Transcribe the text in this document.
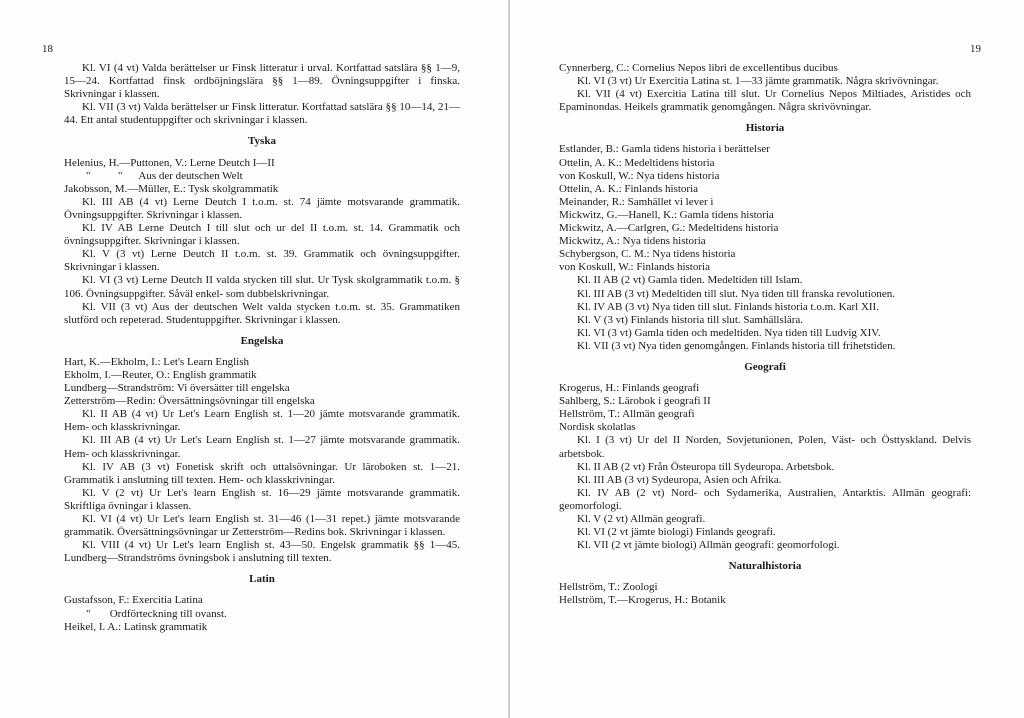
18

Kl. VI (4 vt) Valda berättelser ur Finsk litteratur i urval. Kortfattad satslära §§ 1—9, 15—24. Kortfattad finsk ordböjningslära §§ 1—89. Övningsuppgifter i finska. Skrivningar i klassen.

Kl. VII (3 vt) Valda berättelser ur Finsk litteratur. Kortfattad satslära §§ 10—14, 21—44. Ett antal studentuppgifter och skrivningar i klassen.

Tyska

Helenius, H.—Puttonen, V.: Lerne Deutch I—II

"          "      Aus der deutschen Welt

Jakobsson, M.—Müller, E.: Tysk skolgrammatik

Kl. III AB (4 vt) Lerne Deutch I t.o.m. st. 74 jämte motsvarande grammatik. Övningsuppgifter. Skrivningar i klassen.

Kl. IV AB Lerne Deutch I till slut och ur del II t.o.m. st. 14. Grammatik och övningsuppgifter. Skrivningar i klassen.

Kl. V (3 vt) Lerne Deutch II t.o.m. st. 39. Grammatik och övningsuppgifter. Skrivningar i klassen.

Kl. VI (3 vt) Lerne Deutch II valda stycken till slut. Ur Tysk skolgrammatik t.o.m. § 106. Övningsuppgifter. Såväl enkel- som dubbelskrivningar.

Kl. VII (3 vt) Aus der deutschen Welt valda stycken t.o.m. st. 35. Grammatiken slutförd och repeterad. Studentuppgifter. Skrivningar i klassen.

Engelska

Hart, K.—Ekholm, I.: Let's Learn English

Ekholm, I.—Reuter, O.: English grammatik

Lundberg—Strandström: Vi översätter till engelska

Zetterström—Redin: Översättningsövningar till engelska

Kl. II AB (4 vt) Ur Let's Learn English st. 1—20 jämte motsvarande grammatik. Hem- och klasskrivningar.

Kl. III AB (4 vt) Ur Let's Learn English st. 1—27 jämte motsvarande grammatik. Hem- och klasskrivningar.

Kl. IV AB (3 vt) Fonetisk skrift och uttalsövningar. Ur läroboken st. 1—21. Grammatik i anslutning till texten. Hem- och klasskrivningar.

Kl. V (2 vt) Ur Let's learn English st. 16—29 jämte motsvarande grammatik. Skriftliga övningar i klassen.

Kl. VI (4 vt) Ur Let's learn English st. 31—46 (1—31 repet.) jämte motsvarande grammatik. Översättningsövningar ur Zetterström—Redins bok. Skrivningar i klassen.

Kl. VIII (4 vt) Ur Let's learn English st. 43—50. Engelsk grammatik §§ 1—45. Lundberg—Strandströms övningsbok i anslutning till texten.

Latin

Gustafsson, F.: Exercitia Latina

"       Ordförteckning till ovanst.

Heikel, I. A.: Latinsk grammatik

19

Cynnerberg, C.: Cornelius Nepos libri de excellentibus ducibus

Kl. VI (3 vt) Ur Exercitia Latina st. 1—33 jämte grammatik. Några skrivövningar.

Kl. VII (4 vt) Exercitia Latina till slut. Ur Cornelius Nepos Miltiades, Aristides och Epaminondas. Heikels grammatik genomgången. Några skrivövningar.

Historia

Estlander, B.: Gamla tidens historia i berättelser

Ottelin, A. K.: Medeltidens historia

von Koskull, W.: Nya tidens historia

Ottelin, A. K.: Finlands historia

Meinander, R.: Samhället vi lever i

Mickwitz, G.—Hanell, K.: Gamla tidens historia

Mickwitz, A.—Carlgren, G.: Medeltidens historia

Mickwitz, A.: Nya tidens historia

Schybergson, C. M.: Nya tidens historia

von Koskull, W.: Finlands historia

Kl. II AB (2 vt) Gamla tiden. Medeltiden till Islam.

Kl. III AB (3 vt) Medeltiden till slut. Nya tiden till franska revolutionen.

Kl. IV AB (3 vt) Nya tiden till slut. Finlands historia t.o.m. Karl XII.

Kl. V (3 vt) Finlands historia till slut. Samhällslära.

Kl. VI (3 vt) Gamla tiden och medeltiden. Nya tiden till Ludvig XIV.

Kl. VII (3 vt) Nya tiden genomgången. Finlands historia till frihetstiden.

Geografi

Krogerus, H.: Finlands geografi

Sahlberg, S.: Lärobok i geografi II

Hellström, T.: Allmän geografi

Nordisk skolatlas

Kl. I (3 vt) Ur del II Norden, Sovjetunionen, Polen, Väst- och Östtyskland. Delvis arbetsbok.

Kl. II AB (2 vt) Från Östeuropa till Sydeuropa. Arbetsbok.

Kl. III AB (3 vt) Sydeuropa, Asien och Afrika.

Kl. IV AB (2 vt) Nord- och Sydamerika, Australien, Antarktis. Allmän geografi: geomorfologi.

Kl. V (2 vt) Allmän geografi.

Kl. VI (2 vt jämte biologi) Finlands geografi.

Kl. VII (2 vt jämte biologi) Allmän geografi: geomorfologi.

Naturalhistoria

Hellström, T.: Zoologi

Hellström, T.—Krogerus, H.: Botanik
